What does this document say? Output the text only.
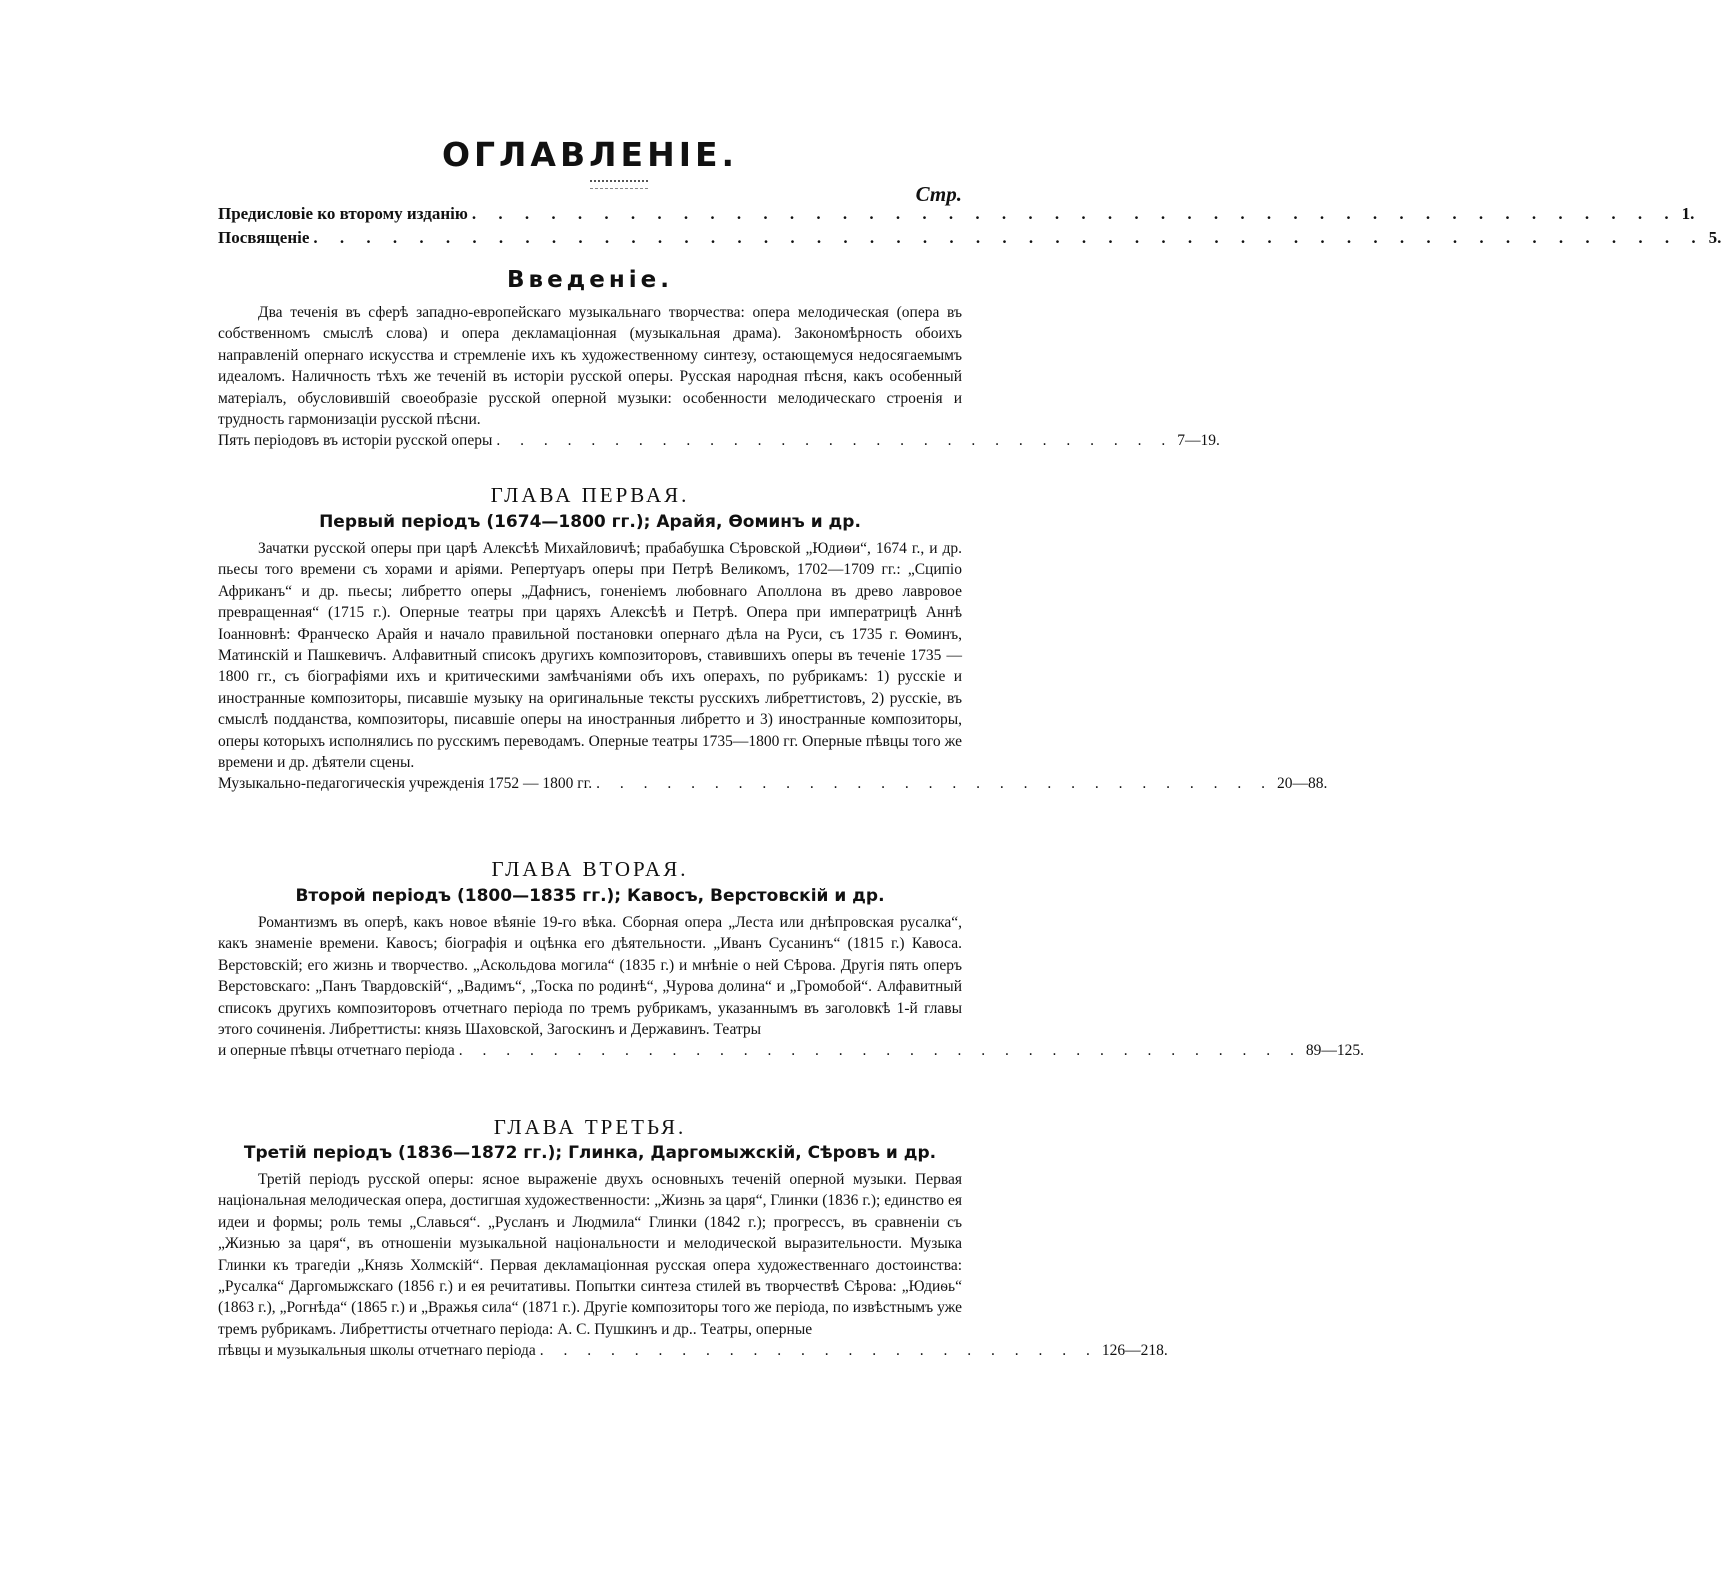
ОГЛАВЛЕНІЕ.
Стр.
Предисловіе ко второму изданію . . . . . . . . . . . . . . . . . . . . . . . . . . . . . . . . . . . . . . . . . . . . . . 1.
Посвященіе . . . . . . . . . . . . . . . . . . . . . . . . . . . . . . . . . . . . . . . . . . . . . . . . . . . . . 5.
Введеніе.
Два теченія въ сферѣ западно-европейскаго музыкальнаго творчества: опера мелодическая (опера въ собственномъ смыслѣ слова) и опера декламаціонная (музыкальная драма). Закономѣрность обоихъ направленій опернаго искусства и стремленіе ихъ къ художественному синтезу, остающемуся недосягаемымъ идеаломъ. Наличность тѣхъ же теченій въ исторіи русской оперы. Русская народная пѣсня, какъ особенный матеріалъ, обусловившій своеобразіе русской оперной музыки: особенности мелодическаго строенія и трудность гармонизаціи русской пѣсни.
Пять періодовъ въ исторіи русской оперы . . . . . . . . . . . . . . . . . . . . . . . . . . . . . 7—19.
ГЛАВА ПЕРВАЯ.
Первый періодъ (1674—1800 гг.); Арайя, Ѳоминъ и др.
Зачатки русской оперы при царѣ Алексѣѣ Михайловичѣ; прабабушка Сѣровской „Юдиѳи“, 1674 г., и др. пьесы того времени съ хорами и аріями. Репертуаръ оперы при Петрѣ Великомъ, 1702—1709 гг.: „Сципіо Африканъ“ и др. пьесы; либретто оперы „Дафнисъ, гоненіемъ любовнаго Аполлона въ древо лавровое превращенная“ (1715 г.). Оперные театры при царяхъ Алексѣѣ и Петрѣ. Опера при императрицѣ Аннѣ Іоанновнѣ: Франческо Арайя и начало правильной постановки опернаго дѣла на Руси, съ 1735 г. Ѳоминъ, Матинскій и Пашкевичъ. Алфавитный списокъ другихъ композиторовъ, ставившихъ оперы въ теченіе 1735 — 1800 гг., съ біографіями ихъ и критическими замѣчаніями объ ихъ операхъ, по рубрикамъ: 1) русскіе и иностранные композиторы, писавшіе музыку на оригинальные тексты русскихъ либреттистовъ, 2) русскіе, въ смыслѣ подданства, композиторы, писавшіе оперы на иностранныя либретто и 3) иностранные композиторы, оперы которыхъ исполнялись по русскимъ переводамъ. Оперные театры 1735—1800 гг. Оперные пѣвцы того же времени и др. дѣятели сцены.
Музыкально-педагогическія учрежденія 1752 — 1800 гг. . . . . . . . . . . . . . . . . . . . . . . . . . . . . . 20—88.
ГЛАВА ВТОРАЯ.
Второй періодъ (1800—1835 гг.); Кавосъ, Верстовскій и др.
Романтизмъ въ оперѣ, какъ новое вѣяніе 19-го вѣка. Сборная опера „Леста или днѣпровская русалка“, какъ знаменіе времени. Кавосъ; біографія и оцѣнка его дѣятельности. „Иванъ Сусанинъ“ (1815 г.) Кавоса. Верстовскій; его жизнь и творчество. „Аскольдова могила“ (1835 г.) и мнѣніе о ней Сѣрова. Другія пять оперъ Верстовскаго: „Панъ Твардовскій“, „Вадимъ“, „Тоска по родинѣ“, „Чурова долина“ и „Громобой“. Алфавитный списокъ другихъ композиторовъ отчетнаго періода по тремъ рубрикамъ, указаннымъ въ заголовкѣ 1-й главы этого сочиненія. Либреттисты: князь Шаховской, Загоскинъ и Державинъ. Театры
и оперные пѣвцы отчетнаго періода . . . . . . . . . . . . . . . . . . . . . . . . . . . . . . . . . . . . 89—125.
ГЛАВА ТРЕТЬЯ.
Третій періодъ (1836—1872 гг.); Глинка, Даргомыжскій, Сѣровъ и др.
Третій періодъ русской оперы: ясное выраженіе двухъ основныхъ теченій оперной музыки. Первая національная мелодическая опера, достигшая художественности: „Жизнь за царя“, Глинки (1836 г.); единство ея идеи и формы; роль темы „Славься“. „Русланъ и Людмила“ Глинки (1842 г.); прогрессъ, въ сравненіи съ „Жизнью за царя“, въ отношеніи музыкальной національности и мелодической выразительности. Музыка Глинки къ трагедіи „Князь Холмскій“. Первая декламаціонная русская опера художественнаго достоинства: „Русалка“ Даргомыжскаго (1856 г.) и ея речитативы. Попытки синтеза стилей въ творчествѣ Сѣрова: „Юдиѳь“ (1863 г.), „Рогнѣда“ (1865 г.) и „Вражья сила“ (1871 г.). Другіе композиторы того же періода, по извѣстнымъ уже тремъ рубрикамъ. Либреттисты отчетнаго періода: А. С. Пушкинъ и др.. Театры, оперные
пѣвцы и музыкальныя школы отчетнаго періода . . . . . . . . . . . . . . . . . . . . . . . . 126—218.
